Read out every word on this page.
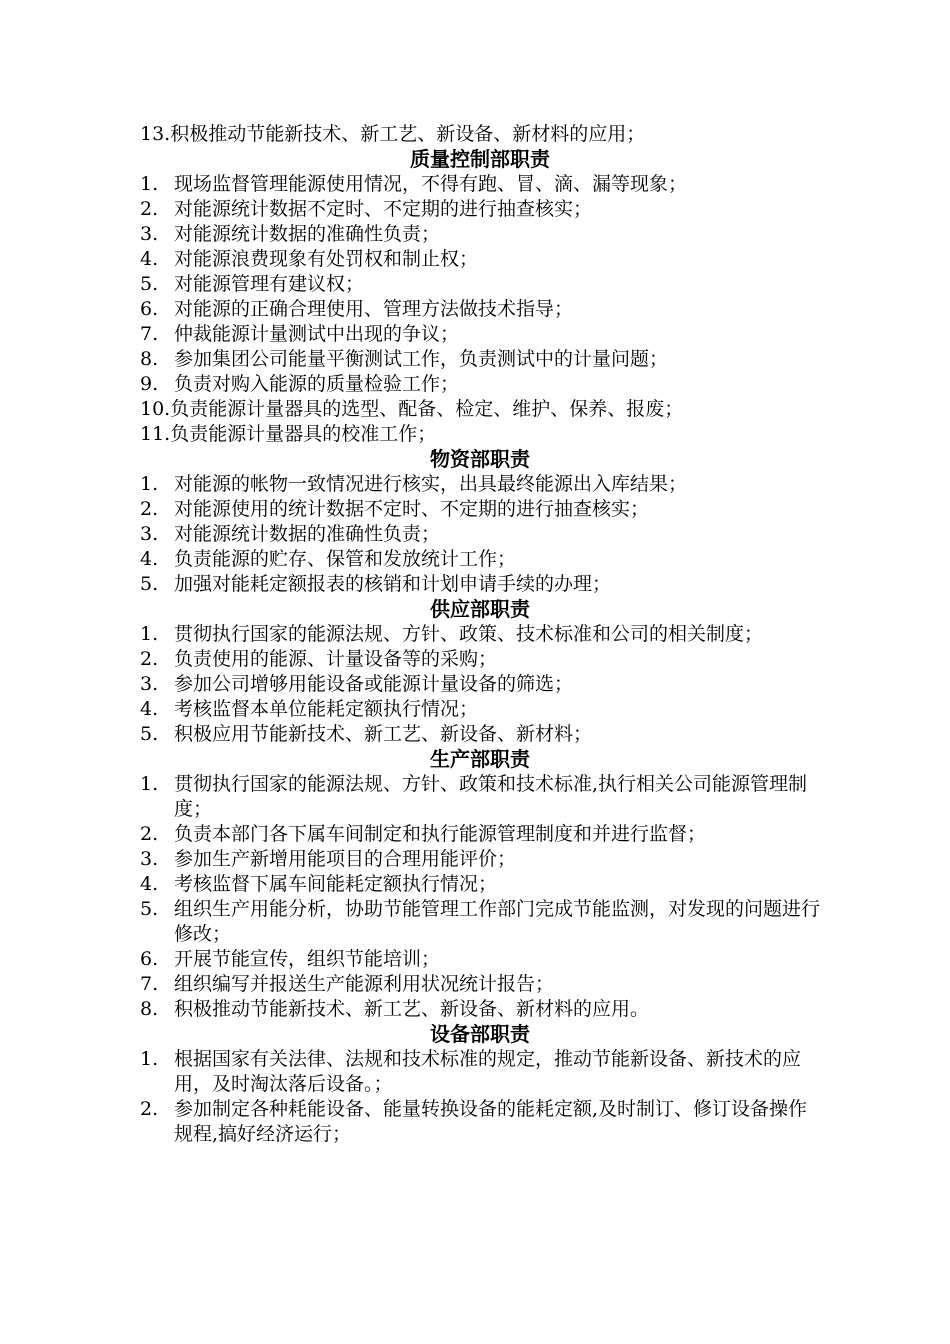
13.积极推动节能新技术、新工艺、新设备、新材料的应用；
质量控制部职责
1. 现场监督管理能源使用情况，不得有跑、冒、滴、漏等现象；
2. 对能源统计数据不定时、不定期的进行抽查核实；
3. 对能源统计数据的准确性负责；
4. 对能源浪费现象有处罚权和制止权；
5. 对能源管理有建议权；
6. 对能源的正确合理使用、管理方法做技术指导；
7. 仲裁能源计量测试中出现的争议；
8. 参加集团公司能量平衡测试工作，负责测试中的计量问题；
9. 负责对购入能源的质量检验工作；
10.负责能源计量器具的选型、配备、检定、维护、保养、报废；
11.负责能源计量器具的校准工作；
物资部职责
1. 对能源的帐物一致情况进行核实，出具最终能源出入库结果；
2. 对能源使用的统计数据不定时、不定期的进行抽查核实；
3. 对能源统计数据的准确性负责；
4. 负责能源的贮存、保管和发放统计工作；
5. 加强对能耗定额报表的核销和计划申请手续的办理；
供应部职责
1. 贯彻执行国家的能源法规、方针、政策、技术标准和公司的相关制度；
2. 负责使用的能源、计量设备等的采购；
3. 参加公司增够用能设备或能源计量设备的筛选；
4. 考核监督本单位能耗定额执行情况；
5. 积极应用节能新技术、新工艺、新设备、新材料；
生产部职责
1. 贯彻执行国家的能源法规、方针、政策和技术标准,执行相关公司能源管理制度；
2. 负责本部门各下属车间制定和执行能源管理制度和并进行监督；
3. 参加生产新增用能项目的合理用能评价；
4. 考核监督下属车间能耗定额执行情况；
5. 组织生产用能分析，协助节能管理工作部门完成节能监测，对发现的问题进行修改；
6. 开展节能宣传，组织节能培训；
7. 组织编写并报送生产能源利用状况统计报告；
8. 积极推动节能新技术、新工艺、新设备、新材料的应用。
设备部职责
1. 根据国家有关法律、法规和技术标准的规定，推动节能新设备、新技术的应用，及时淘汰落后设备。；
2. 参加制定各种耗能设备、能量转换设备的能耗定额,及时制订、修订设备操作规程,搞好经济运行；
